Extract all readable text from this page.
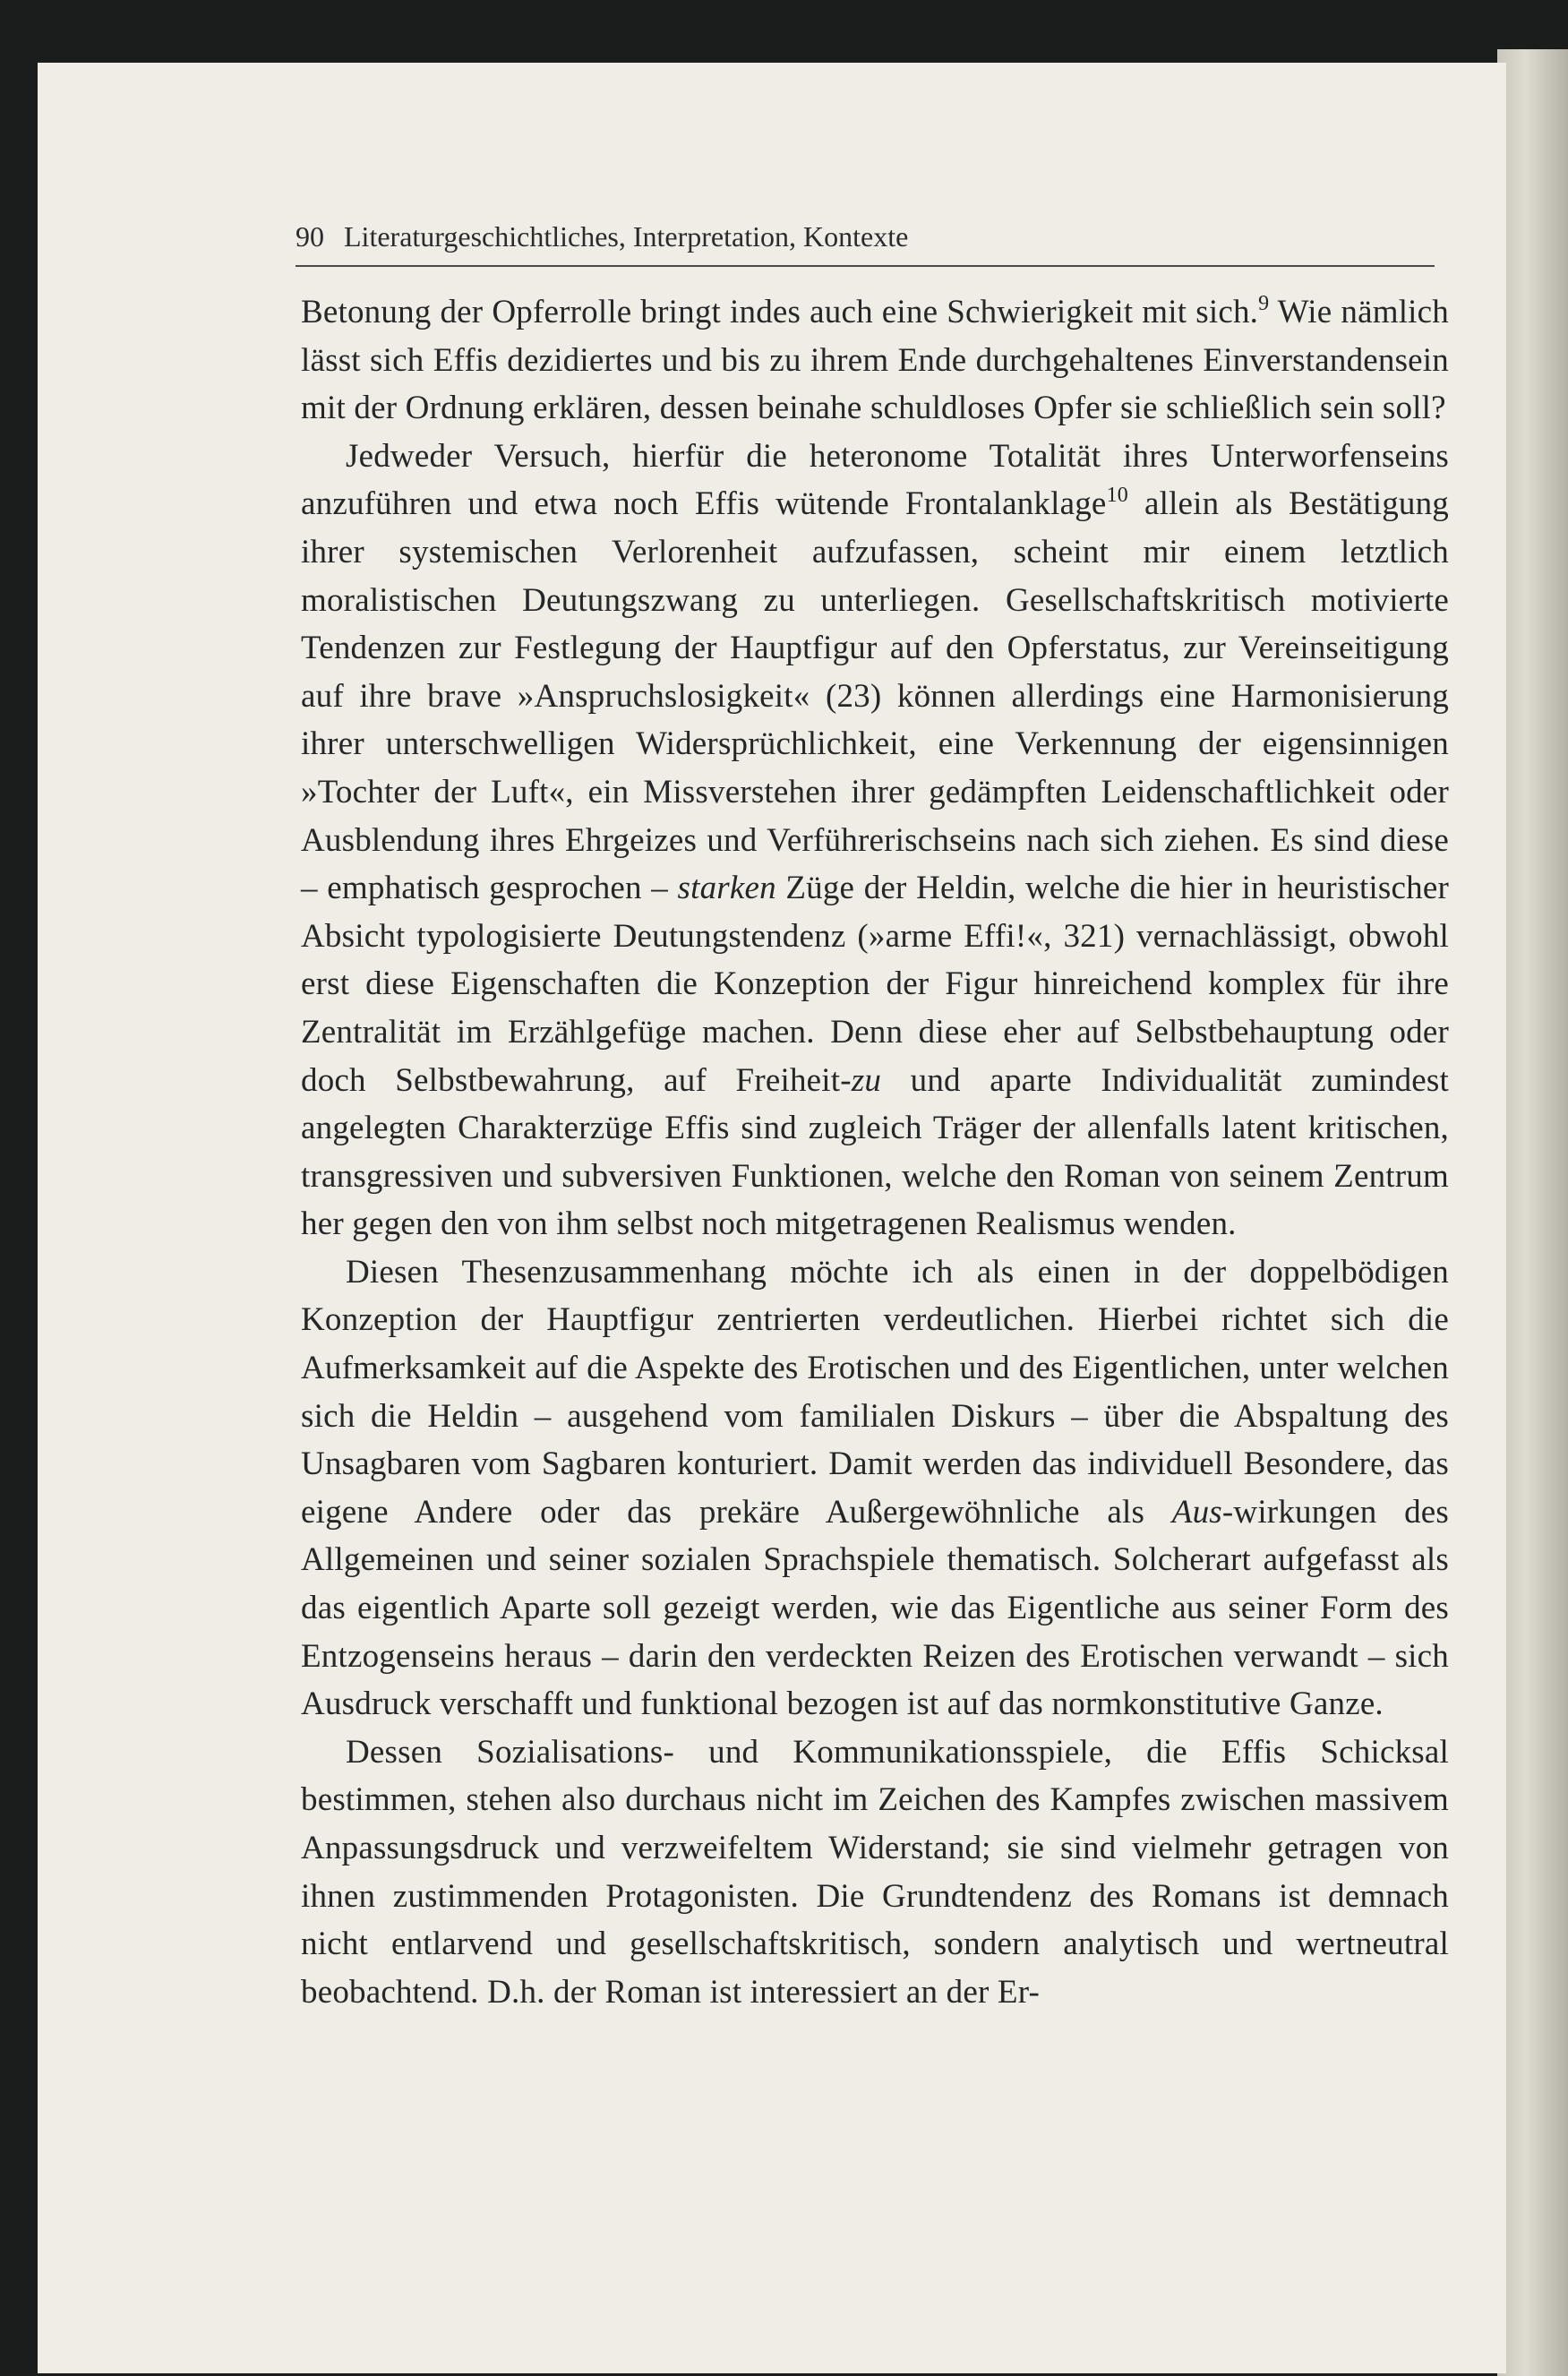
90 Literaturgeschichtliches, Interpretation, Kontexte

Betonung der Opferrolle bringt indes auch eine Schwierigkeit mit sich.$^9$ Wie nämlich lässt sich Effis dezidiertes und bis zu ihrem Ende durchgehaltenes Einverstandensein mit der Ordnung erklären, dessen beinahe schuldloses Opfer sie schließlich sein soll?

Jedweder Versuch, hierfür die heteronome Totalität ihres Unterworfenseins anzuführen und etwa noch Effis wütende Frontalanklage$^{10}$ allein als Bestätigung ihrer systemischen Verlorenheit aufzufassen, scheint mir einem letztlich moralistischen Deutungszwang zu unterliegen. Gesellschaftskritisch motivierte Tendenzen zur Festlegung der Hauptfigur auf den Opferstatus, zur Vereinseitigung auf ihre brave »Anspruchslosigkeit« (23) können allerdings eine Harmonisierung ihrer unterschwelligen Widersprüchlichkeit, eine Verkennung der eigensinnigen »Tochter der Luft«, ein Missverstehen ihrer gedämpften Leidenschaftlichkeit oder Ausblendung ihres Ehrgeizes und Verführerischseins nach sich ziehen. Es sind diese – emphatisch gesprochen – starken Züge der Heldin, welche die hier in heuristischer Absicht typologisierte Deutungstendenz (»arme Effi!«, 321) vernachlässigt, obwohl erst diese Eigenschaften die Konzeption der Figur hinreichend komplex für ihre Zentralität im Erzählgefüge machen. Denn diese eher auf Selbstbehauptung oder doch Selbstbewahrung, auf Freiheit-zu und aparte Individualität zumindest angelegten Charakterzüge Effis sind zugleich Träger der allenfalls latent kritischen, transgressiven und subversiven Funktionen, welche den Roman von seinem Zentrum her gegen den von ihm selbst noch mitgetragenen Realismus wenden.

Diesen Thesenzusammenhang möchte ich als einen in der doppelbödigen Konzeption der Hauptfigur zentrierten verdeutlichen. Hierbei richtet sich die Aufmerksamkeit auf die Aspekte des Erotischen und des Eigentlichen, unter welchen sich die Heldin – ausgehend vom familialen Diskurs – über die Abspaltung des Unsagbaren vom Sagbaren konturiert. Damit werden das individuell Besondere, das eigene Andere oder das prekäre Außergewöhnliche als Aus-wirkungen des Allgemeinen und seiner sozialen Sprachspiele thematisch. Solcherart aufgefasst als das eigentlich Aparte soll gezeigt werden, wie das Eigentliche aus seiner Form des Entzogenseins heraus – darin den verdeckten Reizen des Erotischen verwandt – sich Ausdruck verschafft und funktional bezogen ist auf das normkonstitutive Ganze.

Dessen Sozialisations- und Kommunikationsspiele, die Effis Schicksal bestimmen, stehen also durchaus nicht im Zeichen des Kampfes zwischen massivem Anpassungsdruck und verzweifeltem Widerstand; sie sind vielmehr getragen von ihnen zustimmenden Protagonisten. Die Grundtendenz des Romans ist demnach nicht entlarvend und gesellschaftskritisch, sondern analytisch und wertneutral beobachtend. D.h. der Roman ist interessiert an der Er-
